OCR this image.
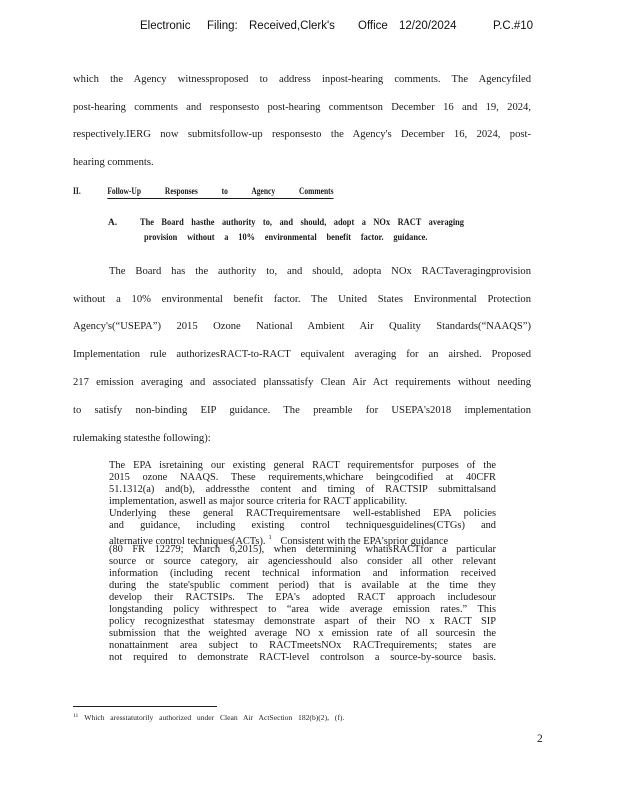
Electronic Filing: Received,Clerk's Office 12/20/2024	P.C.#10
which the Agency witnessproposed to address inpost-hearing comments. The Agencyfiled
post-hearing comments and responsesto post-hearing commentson December 16 and 19, 2024,
respectively.IERG now submitsfollow-up responsesto the Agency's December 16, 2024, post-
hearing comments.
II.	Follow-Up Responses to Agency Comments
A. The Board hasthe authority to, and should, adopt a NOx RACT averaging
provision without a 10% environmental benefit factor. guidance.
The Board has the authority to, and should, adopta NOx RACTaveragingprovision
without a 10% environmental benefit factor. The United States Environmental Protection
Agency's(“USEPA”) 2015 Ozone National Ambient Air Quality Standards(“NAAQS”)
Implementation rule authorizesRACT-to-RACT equivalent averaging for an airshed. Proposed
217 emission averaging and associated planssatisfy Clean Air Act requirements without needing
to satisfy non-binding EIP guidance. The preamble for USEPA's2018 implementation
rulemaking statesthe following):
The EPA isretaining our existing general RACT requirementsfor purposes of the
2015 ozone NAAQS. These requirements,whichare beingcodified at 40CFR
51.1312(a) and(b), addressthe content and timing of RACTSIP submittalsand
implementation, aswell as major source criteria for RACT applicability.
Underlying these general RACTrequirementsare well-established EPA policies
and guidance, including existing control techniquesguidelines(CTGs) and
alternative control techniques(ACTs). $^1$ Consistent with the EPA'sprior guidance
(80 FR 12279; March 6,2015), when determining whatisRACTfor a particular
source or source category, air agenciesshould also consider all other relevant
information (including recent technical information and information received
during the state'spublic comment period) that is available at the time they
develop their RACTSIPs. The EPA's adopted RACT approach includesour
longstanding policy withrespect to “area wide average emission rates.” This
policy recognizesthat statesmay demonstrate aspart of their NO x RACT SIP
submission that the weighted average NO x emission rate of all sourcesin the
nonattainment area subject to RACTmeetsNOx RACTrequirements; states are
not required to demonstrate RACT-level controlson a source-by-source basis.
$^{11}$ Which aresstatutorily authorized under Clean Air ActSection 182(b)(2), (f).
2
